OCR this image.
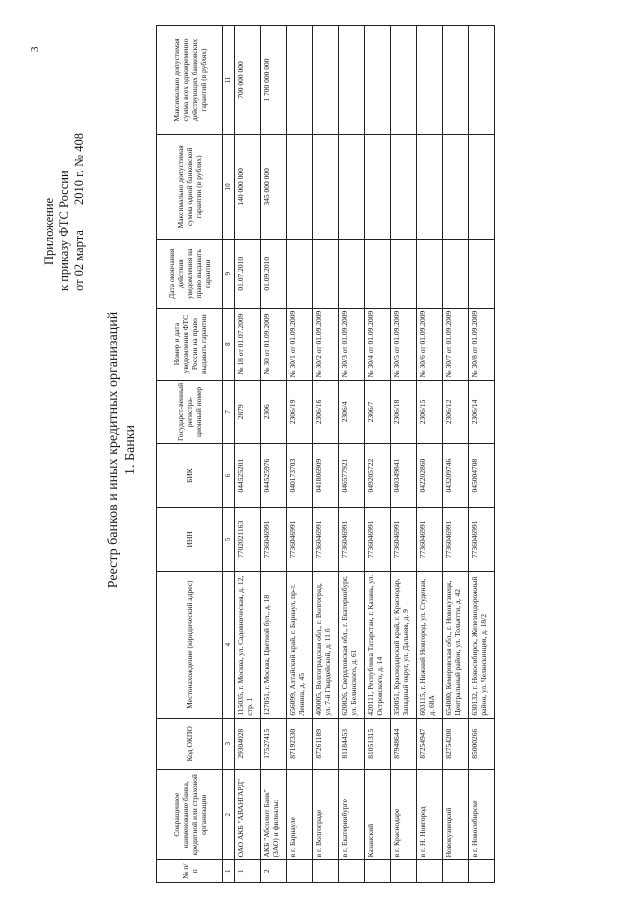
3
Приложение к приказу ФТС России от 02 марта 2010 г. № 408
Реестр банков и иных кредитных организаций 1. Банки
№ п/п	Сокращенное наименование банка, кредитной или страховой организации	Код ОКПО	Местонахождение (юридический адрес)	ИНН	БИК	Государст-венный регистра-ционный номер	Номер и дата уведомления ФТС России на право выдавать гарантии	Дата окончания действия уведомления на право выдавать гарантии	Максимально допустимая сумма одной банковской гарантии (в рублях)	Максимально допустимая сумма всех одновременно действующих банковских гарантий (в рублях)
1	2	3	4	5	6	7	8	9	10	11
1	ОАО АКБ "АВАНГАРД"	29304028	115035, г. Москва, ул. Садовническая, д. 12, стр. 1	7702021163	044525201	2879	№ 18 от 01.07.2009	01.07.2010	140 000 000	700 000 000
2	АКБ "Абсолют Банк" (ЗАО) и филиалы:	17527415	127051, г. Москва, Цветной бул., д. 18	7736046991	044525976	2306	№ 30 от 01.09.2009	01.09.2010	345 000 000	1 700 000 000
	в г. Барнауле	87192330	656099, Алтайский край, г. Барнаул, пр-т. Ленина, д. 45	7736046991	040173703	2306/19	№ 30/1 от 01.09.2009			
	в г. Волгограде	87261189	400005, Волгоградская обл., г. Волгоград, ул. 7-й Гвардейской, д. 11 б	7736046991	041806909	2306/16	№ 30/2 от 01.09.2009			
	в г. Екатеринбурге	81184453	620026, Свердловская обл., г. Екатеринбург, ул. Белинского, д. 61	7736046991	046577921	2306/4	№ 30/3 от 01.09.2009			
	Казанский	81051315	420111, Республика Татарстан, г. Казань, ул. Островского, д. 14	7736046991	049205722	2306/7	№ 30/4 от 01.09.2009			
	в г. Краснодаре	87948644	350051, Краснодарский край, г. Краснодар, Западный округ, ул. Дальняя, д. 9	7736046991	040349841	2306/18	№ 30/5 от 01.09.2009			
	в г. Н. Новгород	87254947	603115, г. Нижний Новгород, ул. Студеная, д. 68А	7736046991	042202860	2306/15	№ 30/6 от 01.09.2009			
	Новокузнецкий	82754208	654080, Кемеровская обл., г. Новокузнецк, Центральный район, ул. Тольятти, д. 42	7736046991	043209746	2306/12	№ 30/7 от 01.09.2009			
	в г. Новосибирске	85000266	630132, г. Новосибирск, Железнодорожный район, ул. Челюскинцев, д. 18/2	7736046991	045004708	2306/14	№ 30/8 от 01.09.2009			
